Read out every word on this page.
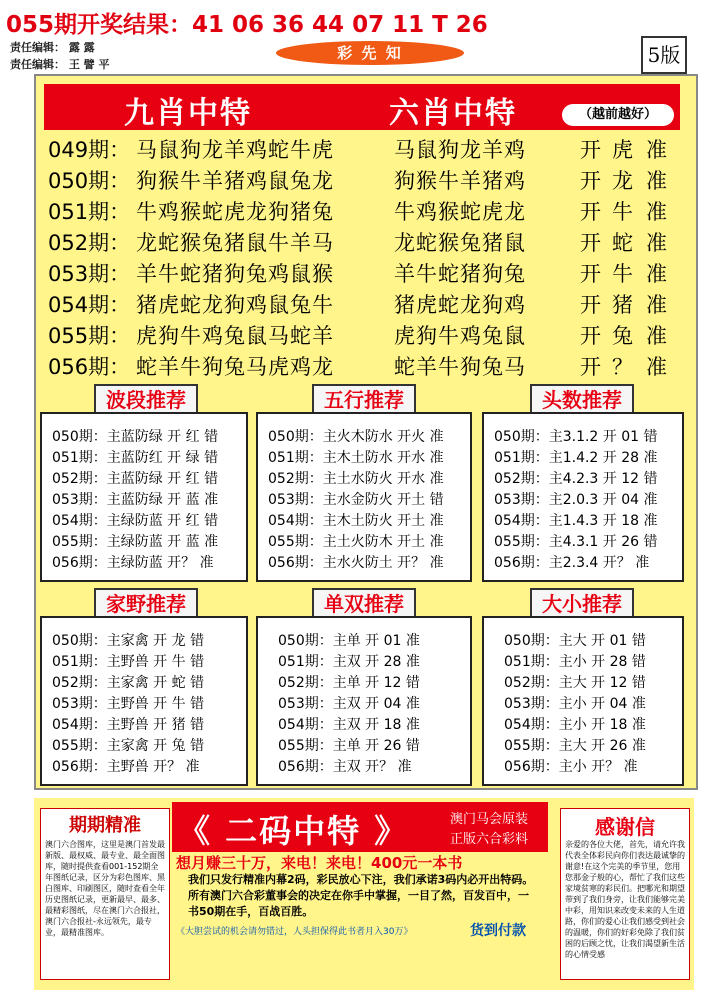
055期开奖结果：41 06 36 44 07 11 T 26
责任编辑： 露 露
责任编辑： 王 譬 平
彩 先 知	5版
九肖中特	六肖中特	（越前越好）
049期： 马鼠狗龙羊鸡蛇牛虎	马鼠狗龙羊鸡	开 虎 准
050期： 狗猴牛羊猪鸡鼠兔龙	狗猴牛羊猪鸡	开 龙 准
051期： 牛鸡猴蛇虎龙狗猪兔	牛鸡猴蛇虎龙	开 牛 准
052期： 龙蛇猴兔猪鼠牛羊马	龙蛇猴兔猪鼠	开 蛇 准
053期： 羊牛蛇猪狗兔鸡鼠猴	羊牛蛇猪狗兔	开 牛 准
054期： 猪虎蛇龙狗鸡鼠兔牛	猪虎蛇龙狗鸡	开 猪 准
055期： 虎狗牛鸡兔鼠马蛇羊	虎狗牛鸡兔鼠	开 兔 准
056期： 蛇羊牛狗兔马虎鸡龙	蛇羊牛狗兔马	开 ？ 准
波段推荐	五行推荐	头数推荐
050期：主蓝防绿 开 红 错
051期：主蓝防红 开 绿 错
052期：主蓝防绿 开 红 错
053期：主蓝防绿 开 蓝 准
054期：主绿防蓝 开 红 错
055期：主绿防蓝 开 蓝 准
056期：主绿防蓝 开？ 准
050期：主火木防水 开火 准
051期：主木土防水 开水 准
052期：主土水防火 开水 准
053期：主水金防火 开土 错
054期：主木土防火 开土 准
055期：主土火防木 开土 准
056期：主水火防土 开？ 准
050期：主3.1.2 开 01 错
051期：主1.4.2 开 28 准
052期：主4.2.3 开 12 错
053期：主2.0.3 开 04 准
054期：主1.4.3 开 18 准
055期：主4.3.1 开 26 错
056期：主2.3.4 开？ 准
家野推荐	单双推荐	大小推荐
050期：主家禽 开 龙 错
051期：主野兽 开 牛 错
052期：主家禽 开 蛇 错
053期：主野兽 开 牛 错
054期：主野兽 开 猪 错
055期：主家禽 开 兔 错
056期：主野兽 开？ 准
050期：主单 开 01 准
051期：主双 开 28 准
052期：主单 开 12 错
053期：主双 开 04 准
054期：主双 开 18 准
055期：主单 开 26 错
056期：主双 开？ 准
050期：主大 开 01 错
051期：主小 开 28 错
052期：主大 开 12 错
053期：主小 开 04 准
054期：主小 开 18 准
055期：主大 开 26 准
056期：主小 开？ 准
期期精准
澳门六合图库，这里是澳门首发最新版、最权威、最专业、最全面图库，随时提供查看001-152期全年图纸记录，区分为彩色图库、黑白图库、印刷图区，随时查看全年历史图纸记录，更新最早、最多、最精彩图纸，尽在澳门六合报社，澳门六合报社-永远领先，最专业，最精准图库。
感谢信
亲爱的各位大佬，首先，请允许我代表全体彩民向你们表达最诚挚的谢意!在这个完美的季节里，您用您那金子般的心，帮忙了我们这些家境贫寒的彩民们。把哪光和期望带到了我们身旁，让我们能够完美中彩，用知识来改变未来的人生道路，你们的爱心让我们感受到社会的温暖，你们的好彩免除了我们贫困的后顾之忧，让我们渴望新生活的心情受感
《 二码中特 》	澳门马会原装
正版六合彩料
想月赚三十万，来电！来电！400元一本书
我们只发行精准内幕2码，彩民放心下注，我们承诺3码内必开出特码。所有澳门六合彩董事会的决定在你手中掌握，一目了然，百发百中，一书50期在手，百战百胜。
《大胆尝试的机会请勿错过，人头担保得此书者月入30万》	货到付款
